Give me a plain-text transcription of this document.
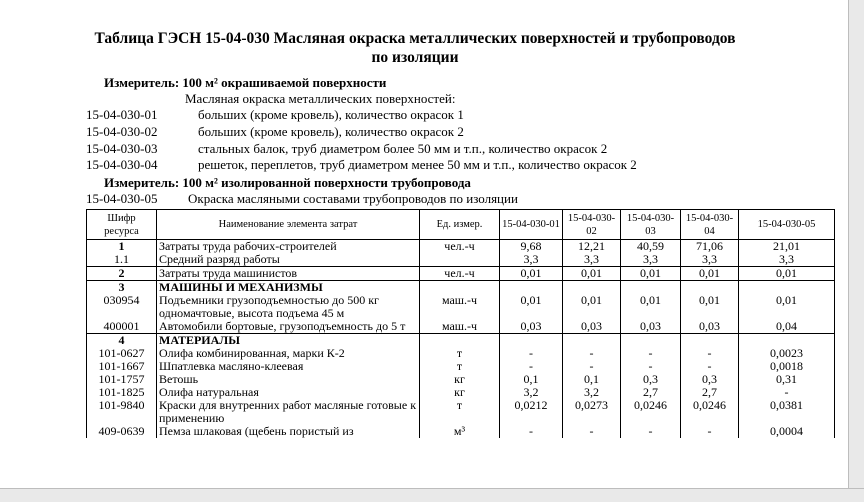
Таблица ГЭСН 15-04-030 Масляная окраска металлических поверхностей и трубопроводов по изоляции
Измеритель: 100 м² окрашиваемой поверхности
Масляная окраска металлических поверхностей:
15-04-030-01	больших (кроме кровель), количество окрасок 1
15-04-030-02	больших (кроме кровель), количество окрасок 2
15-04-030-03	стальных балок, труб диаметром более 50 мм и т.п., количество окрасок 2
15-04-030-04	решеток, переплетов, труб диаметром менее 50 мм и т.п., количество окрасок 2
Измеритель: 100 м² изолированной поверхности трубопровода
15-04-030-05 Окраска масляными составами трубопроводов по изоляции
Шифр ресурса	Наименование элемента затрат	Ед. измер.	15-04-030-01	15-04-030-02	15-04-030-03	15-04-030-04	15-04-030-05
1	Затраты труда рабочих-строителей	чел.-ч	9,68	12,21	40,59	71,06	21,01
1.1	Средний разряд работы		3,3	3,3	3,3	3,3	3,3
2	Затраты труда машинистов	чел.-ч	0,01	0,01	0,01	0,01	0,01
3	МАШИНЫ И МЕХАНИЗМЫ						
030954	Подъемники грузоподъемностью до 500 кг одномачтовые, высота подъема 45 м	маш.-ч	0,01	0,01	0,01	0,01	0,01
400001	Автомобили бортовые, грузоподъемность до 5 т	маш.-ч	0,03	0,03	0,03	0,03	0,04
4	МАТЕРИАЛЫ						
101-0627	Олифа комбинированная, марки К-2	т	-	-	-	-	0,0023
101-1667	Шпатлевка масляно-клеевая	т	-	-	-	-	0,0018
101-1757	Ветошь	кг	0,1	0,1	0,3	0,3	0,31
101-1825	Олифа натуральная	кг	3,2	3,2	2,7	2,7	-
101-9840	Краски для внутренних работ масляные готовые к применению	т	0,0212	0,0273	0,0246	0,0246	0,0381
409-0639	Пемза шлаковая (щебень пористый из	м³	-	-	-	-	0,0004
